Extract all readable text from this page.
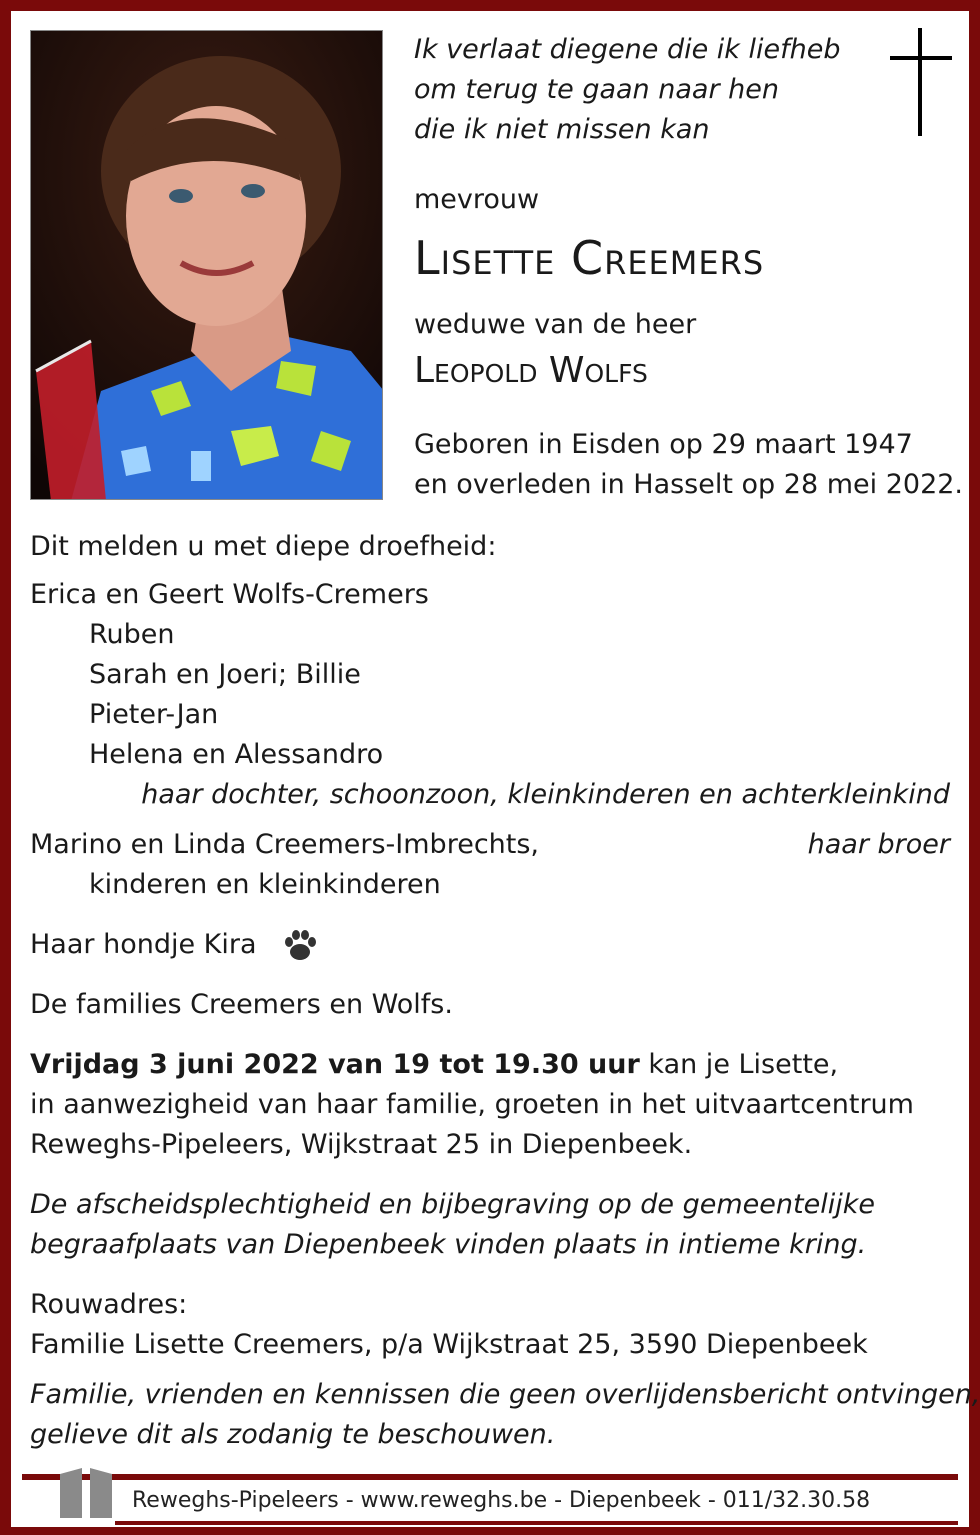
Ik verlaat diegene die ik liefheb
om terug te gaan naar hen
die ik niet missen kan
mevrouw
Lisette Creemers
weduwe van de heer
Leopold Wolfs
Geboren in Eisden op 29 maart 1947
en overleden in Hasselt op 28 mei 2022.
Dit melden u met diepe droefheid:
Erica en Geert Wolfs-Cremers
Ruben
Sarah en Joeri; Billie
Pieter-Jan
Helena en Alessandro
haar dochter, schoonzoon, kleinkinderen en achterkleinkind
Marino en Linda Creemers-Imbrechts,	haar broer
kinderen en kleinkinderen
Haar hondje Kira
De families Creemers en Wolfs.
Vrijdag 3 juni 2022 van 19 tot 19.30 uur kan je Lisette,
in aanwezigheid van haar familie, groeten in het uitvaartcentrum
Reweghs-Pipeleers, Wijkstraat 25 in Diepenbeek.
De afscheidsplechtigheid en bijbegraving op de gemeentelijke
begraafplaats van Diepenbeek vinden plaats in intieme kring.
Rouwadres:
Familie Lisette Creemers, p/a Wijkstraat 25, 3590 Diepenbeek
Familie, vrienden en kennissen die geen overlijdensbericht ontvingen,
gelieve dit als zodanig te beschouwen.
Reweghs-Pipeleers - www.reweghs.be - Diepenbeek - 011/32.30.58
